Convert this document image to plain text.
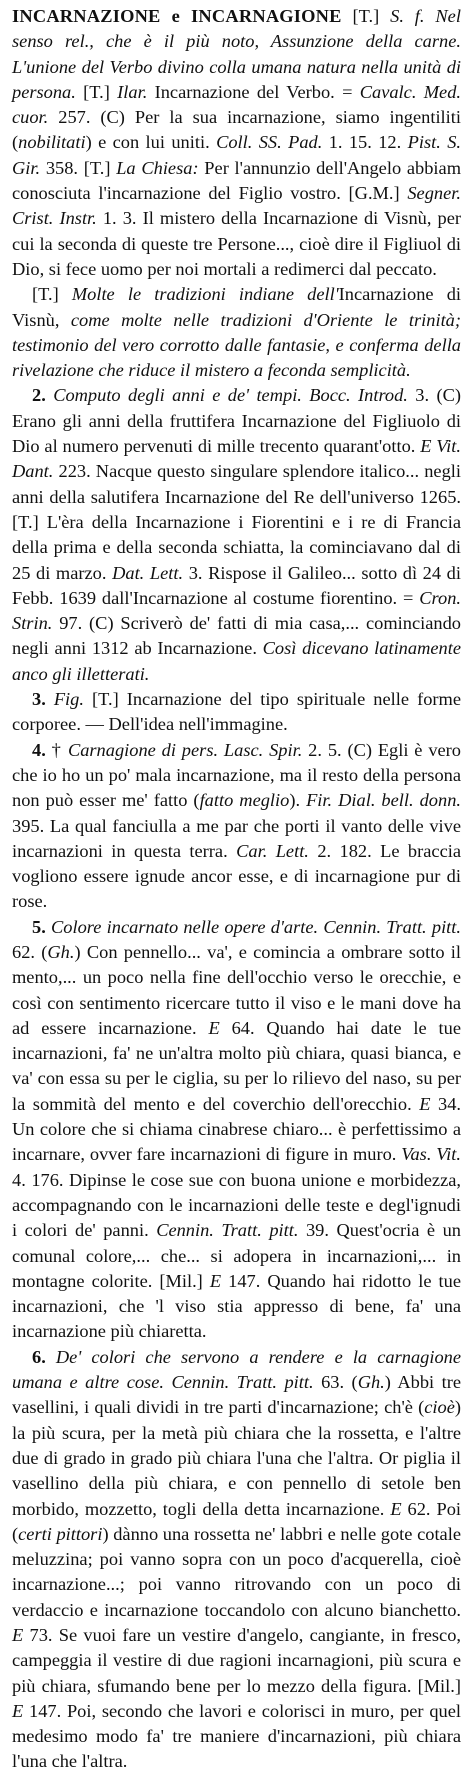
INCARNAZIONE e INCARNAGIONE [T.] S. f. Nel senso rel., che è il più noto, Assunzione della carne. L'unione del Verbo divino colla umana natura nella unità di persona. [T.] Ilar. Incarnazione del Verbo. = Cavalc. Med. cuor. 257. (C) Per la sua incarnazione, siamo ingentiliti (nobilitati) e con lui uniti. Coll. SS. Pad. 1. 15. 12. Pist. S. Gir. 358. [T.] La Chiesa: Per l'annunzio dell'Angelo abbiam conosciuta l'incarnazione del Figlio vostro. [G.M.] Segner. Crist. Instr. 1. 3. Il mistero della Incarnazione di Visnù, per cui la seconda di queste tre Persone..., cioè dire il Figliuol di Dio, si fece uomo per noi mortali a redimerci dal peccato.
[T.] Molte le tradizioni indiane dell'Incarnazione di Visnù, come molte nelle tradizioni d'Oriente le trinità; testimonio del vero corrotto dalle fantasie, e conferma della rivelazione che riduce il mistero a feconda semplicità.
2. Computo degli anni e de' tempi. Bocc. Introd. 3. (C) Erano gli anni della fruttifera Incarnazione del Figliuolo di Dio al numero pervenuti di mille trecento quarant'otto. E Vit. Dant. 223. Nacque questo singulare splendore italico... negli anni della salutifera Incarnazione del Re dell'universo 1265. [T.] L'èra della Incarnazione i Fiorentini e i re di Francia della prima e della seconda schiatta, la cominciavano dal di 25 di marzo. Dat. Lett. 3. Rispose il Galileo... sotto dì 24 di Febb. 1639 dall'Incarnazione al costume fiorentino. = Cron. Strin. 97. (C) Scriverò de' fatti di mia casa,... cominciando negli anni 1312 ab Incarnazione. Così dicevano latinamente anco gli illetterati.
3. Fig. [T.] Incarnazione del tipo spirituale nelle forme corporee. — Dell'idea nell'immagine.
4. † Carnagione di pers. Lasc. Spir. 2. 5. (C) Egli è vero che io ho un po' mala incarnazione, ma il resto della persona non può esser me' fatto (fatto meglio). Fir. Dial. bell. donn. 395. La qual fanciulla a me par che porti il vanto delle vive incarnazioni in questa terra. Car. Lett. 2. 182. Le braccia vogliono essere ignude ancor esse, e di incarnagione pur di rose.
5. Colore incarnato nelle opere d'arte. Cennin. Tratt. pitt. 62. (Gh.) Con pennello... va', e comincia a ombrare sotto il mento,... un poco nella fine dell'occhio verso le orecchie, e così con sentimento ricercare tutto il viso e le mani dove ha ad essere incarnazione. E 64. Quando hai date le tue incarnazioni, fa' ne un'altra molto più chiara, quasi bianca, e va' con essa su per le ciglia, su per lo rilievo del naso, su per la sommità del mento e del coverchio dell'orecchio. E 34. Un colore che si chiama cinabrese chiaro... è perfettissimo a incarnare, ovver fare incarnazioni di figure in muro. Vas. Vit. 4. 176. Dipinse le cose sue con buona unione e morbidezza, accompagnando con le incarnazioni delle teste e degl'ignudi i colori de' panni. Cennin. Tratt. pitt. 39. Quest'ocria è un comunal colore,... che... si adopera in incarnazioni,... in montagne colorite. [Mil.] E 147. Quando hai ridotto le tue incarnazioni, che 'l viso stia appresso di bene, fa' una incarnazione più chiaretta.
6. De' colori che servono a rendere e la carnagione umana e altre cose. Cennin. Tratt. pitt. 63. (Gh.) Abbi tre vasellini, i quali dividi in tre parti d'incarnazione; ch'è (cioè) la più scura, per la metà più chiara che la rossetta, e l'altre due di grado in grado più chiara l'una che l'altra. Or piglia il vasellino della più chiara, e con pennello di setole ben morbido, mozzetto, togli della detta incarnazione. E 62. Poi (certi pittori) dànno una rossetta ne' labbri e nelle gote cotale meluzzina; poi vanno sopra con un poco d'acquerella, cioè incarnazione...; poi vanno ritrovando con un poco di verdaccio e incarnazione toccandolo con alcuno bianchetto. E 73. Se vuoi fare un vestire d'angelo, cangiante, in fresco, campeggia il vestire di due ragioni incarnagioni, più scura e più chiara, sfumando bene per lo mezzo della figura. [Mil.] E 147. Poi, secondo che lavori e colorisci in muro, per quel medesimo modo fa' tre maniere d'incarnazioni, più chiara l'una che l'altra.
